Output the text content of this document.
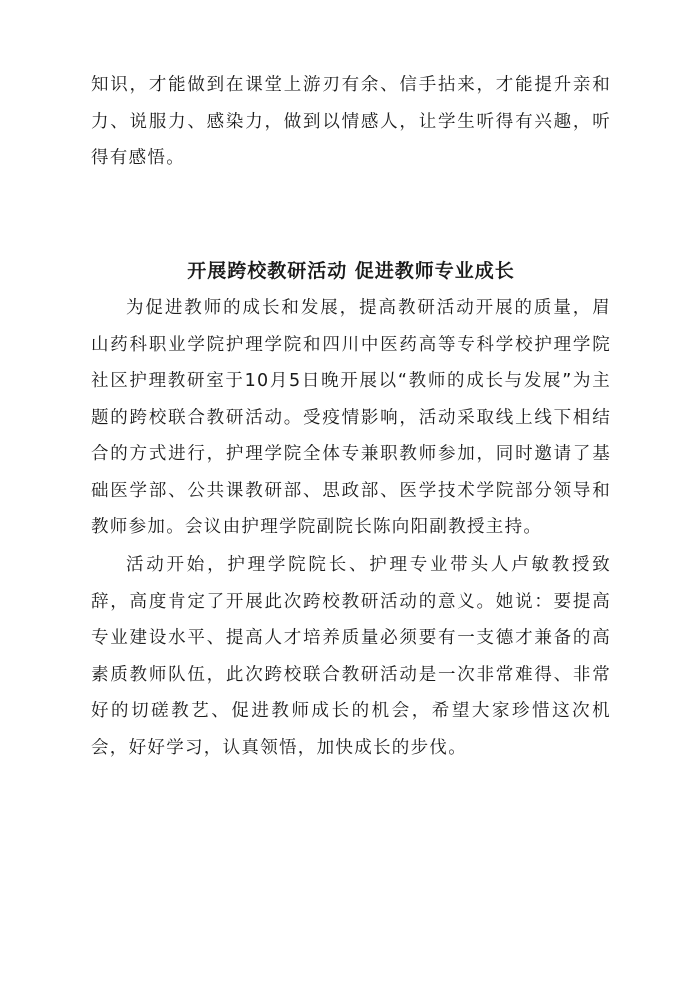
知识，才能做到在课堂上游刃有余、信手拈来，才能提升亲和力、说服力、感染力，做到以情感人，让学生听得有兴趣，听得有感悟。

开展跨校教研活动 促进教师专业成长

为促进教师的成长和发展，提高教研活动开展的质量，眉山药科职业学院护理学院和四川中医药高等专科学校护理学院社区护理教研室于10月5日晚开展以“教师的成长与发展”为主题的跨校联合教研活动。受疫情影响，活动采取线上线下相结合的方式进行，护理学院全体专兼职教师参加，同时邀请了基础医学部、公共课教研部、思政部、医学技术学院部分领导和教师参加。会议由护理学院副院长陈向阳副教授主持。

活动开始，护理学院院长、护理专业带头人卢敏教授致辞，高度肯定了开展此次跨校教研活动的意义。她说：要提高专业建设水平、提高人才培养质量必须要有一支德才兼备的高素质教师队伍，此次跨校联合教研活动是一次非常难得、非常好的切磋教艺、促进教师成长的机会，希望大家珍惜这次机会，好好学习，认真领悟，加快成长的步伐。
